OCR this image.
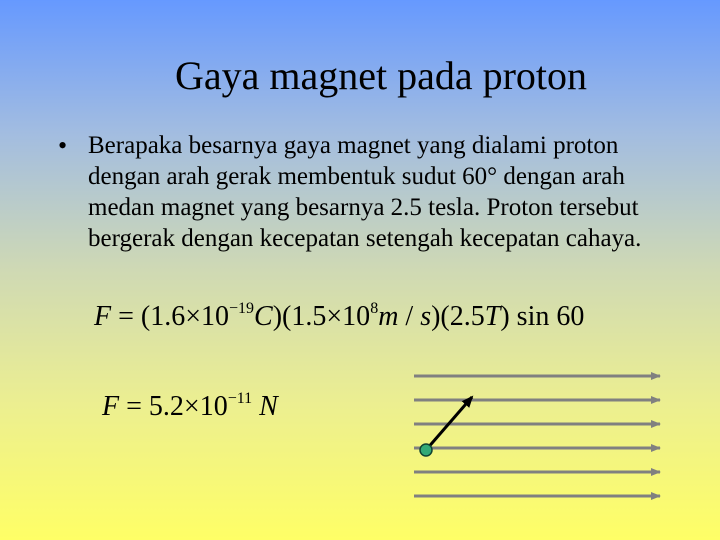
Gaya magnet pada proton
• Berapaka besarnya gaya magnet yang dialami proton dengan arah gerak membentuk sudut 60° dengan arah medan magnet yang besarnya 2.5 tesla. Proton tersebut bergerak dengan kecepatan setengah kecepatan cahaya.
$F = (1.6\times 10^{-19}C)(1.5\times 10^8m / s)(2.5T)$ sin 60
$F = 5.2\times 10^{-11}$ N
